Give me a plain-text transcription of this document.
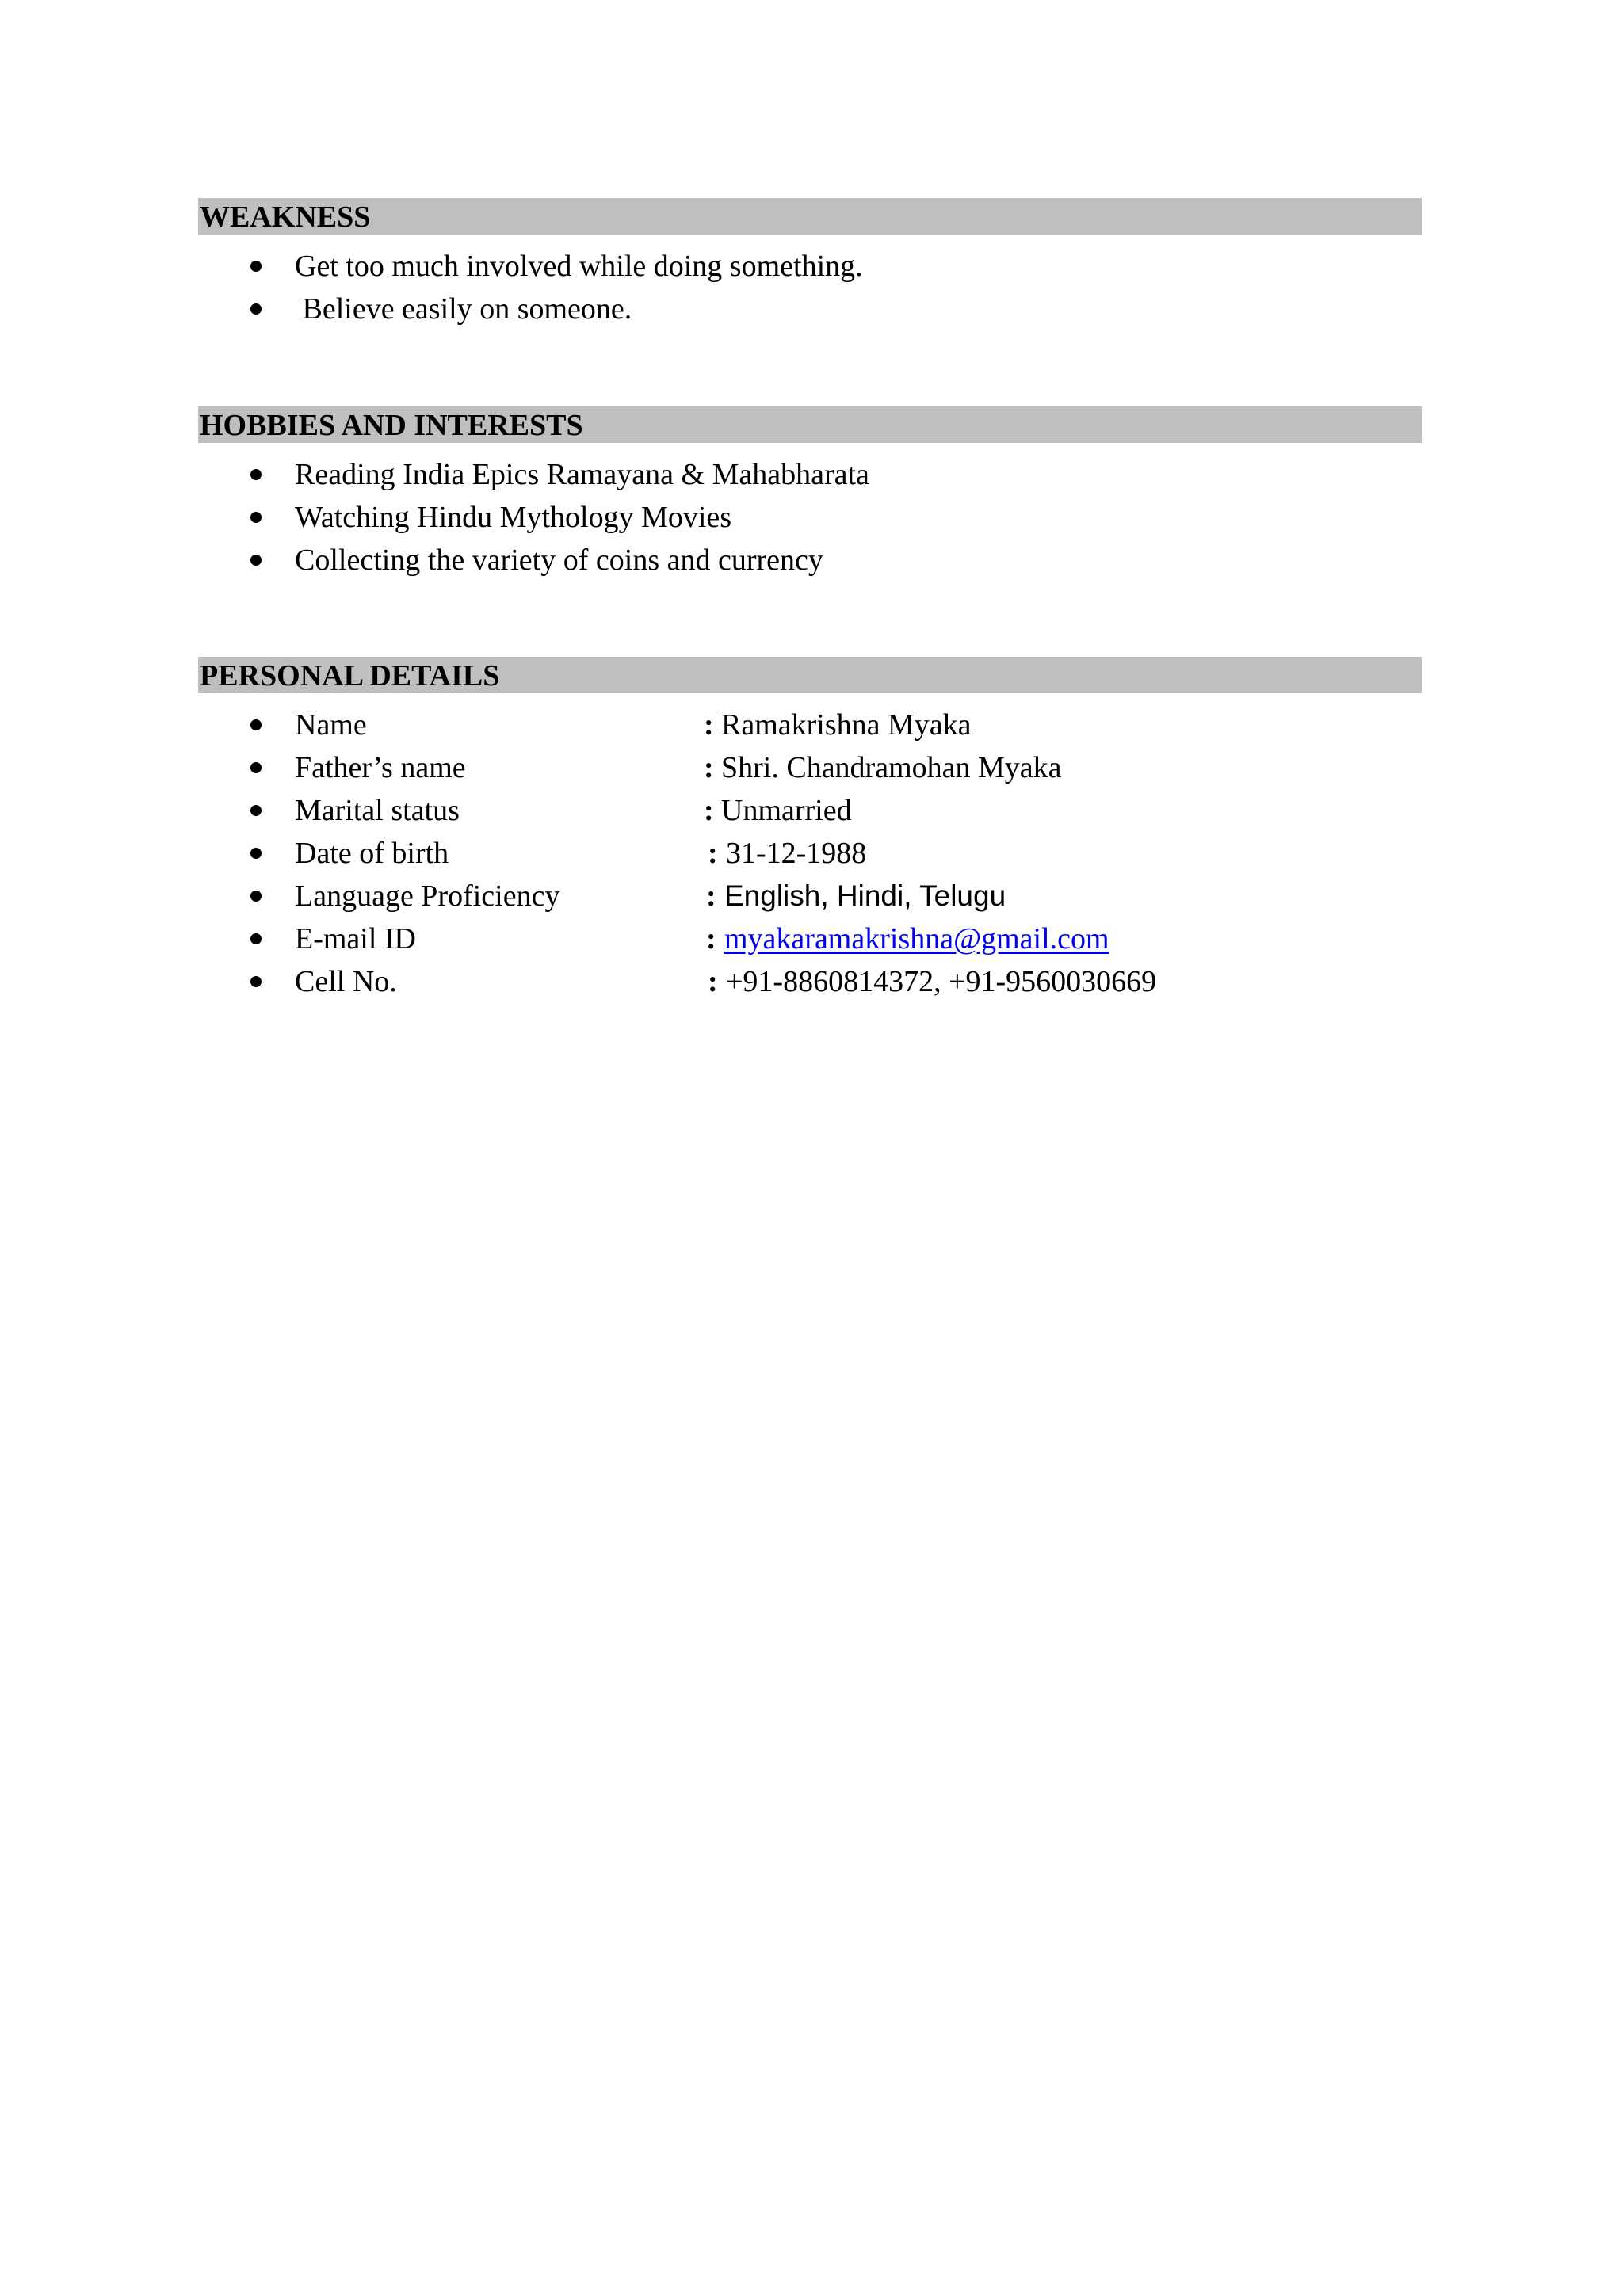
WEAKNESS
Get too much involved while doing something.
Believe easily on someone.
HOBBIES AND INTERESTS
Reading India Epics Ramayana & Mahabharata
Watching Hindu Mythology Movies
Collecting the variety of coins and currency
PERSONAL DETAILS
Name	: Ramakrishna Myaka
Father’s name	: Shri. Chandramohan Myaka
Marital status	: Unmarried
Date of birth	: 31-12-1988
Language Proficiency	: English, Hindi, Telugu
E-mail ID	: myakaramakrishna@gmail.com
Cell No.	: +91-8860814372, +91-9560030669
